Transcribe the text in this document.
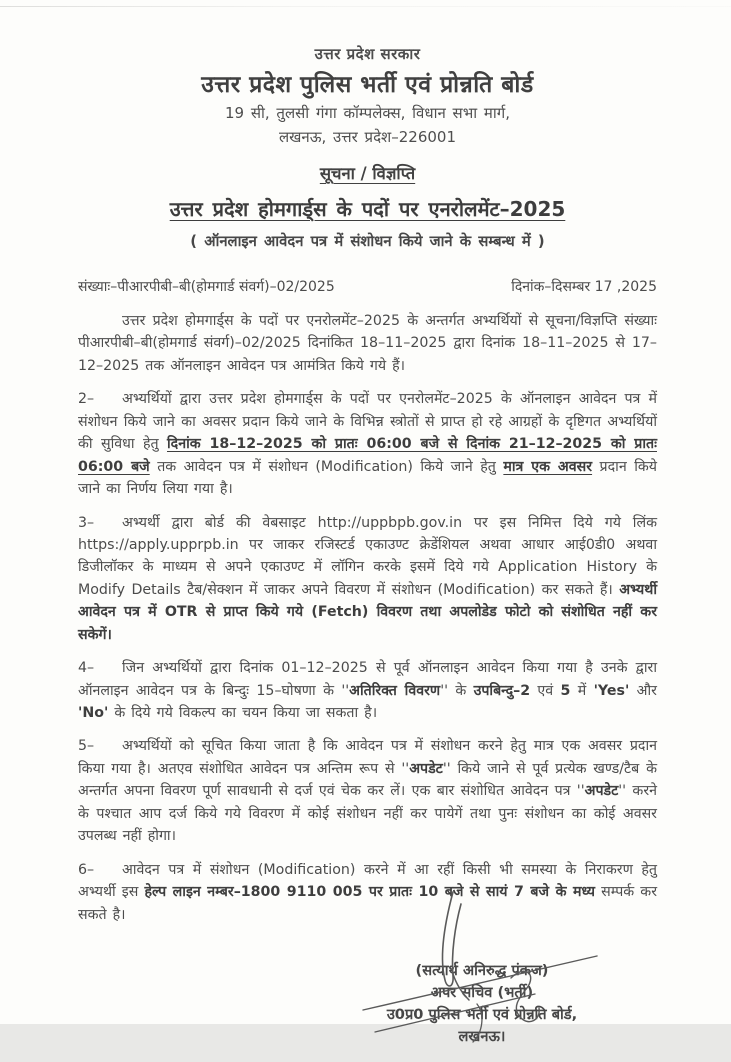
उत्तर प्रदेश सरकार
उत्तर प्रदेश पुलिस भर्ती एवं प्रोन्नति बोर्ड
19 सी, तुलसी गंगा कॉम्पलेक्स, विधान सभा मार्ग,
लखनऊ, उत्तर प्रदेश–226001
सूचना / विज्ञप्ति
उत्तर प्रदेश होमगार्ड्स के पदों पर एनरोलमेंट–2025
( ऑनलाइन आवेदन पत्र में संशोधन किये जाने के सम्बन्ध में )
संख्याः–पीआरपीबी–बी(होमगार्ड संवर्ग)–02/2025	दिनांक–दिसम्बर 17 ,2025
उत्तर प्रदेश होमगार्ड्स के पदों पर एनरोलमेंट–2025 के अन्तर्गत अभ्यर्थियों से सूचना/विज्ञप्ति संख्याः पीआरपीबी–बी(होमगार्ड संवर्ग)–02/2025 दिनांकित 18–11–2025 द्वारा दिनांक 18–11–2025 से 17–12–2025 तक ऑनलाइन आवेदन पत्र आमंत्रित किये गये हैं।
2– अभ्यर्थियों द्वारा उत्तर प्रदेश होमगार्ड्स के पदों पर एनरोलमेंट–2025 के ऑनलाइन आवेदन पत्र में संशोधन किये जाने का अवसर प्रदान किये जाने के विभिन्न स्त्रोतों से प्राप्त हो रहे आग्रहों के दृष्टिगत अभ्यर्थियों की सुविधा हेतु दिनांक 18–12–2025 को प्रातः 06:00 बजे से दिनांक 21–12–2025 को प्रातः 06:00 बजे तक आवेदन पत्र में संशोधन (Modification) किये जाने हेतु मात्र एक अवसर प्रदान किये जाने का निर्णय लिया गया है।
3– अभ्यर्थी द्वारा बोर्ड की वेबसाइट http://uppbpb.gov.in पर इस निमित्त दिये गये लिंक https://apply.upprpb.in पर जाकर रजिस्टर्ड एकाउण्ट क्रेडेंशियल अथवा आधार आई0डी0 अथवा डिजीलॉकर के माध्यम से अपने एकाउण्ट में लॉगिन करके इसमें दिये गये Application History के Modify Details टैब/सेक्शन में जाकर अपने विवरण में संशोधन (Modification) कर सकते हैं। अभ्यर्थी आवेदन पत्र में OTR से प्राप्त किये गये (Fetch) विवरण तथा अपलोडेड फोटो को संशोधित नहीं कर सकेगें।
4– जिन अभ्यर्थियों द्वारा दिनांक 01–12–2025 से पूर्व ऑनलाइन आवेदन किया गया है उनके द्वारा ऑनलाइन आवेदन पत्र के बिन्दुः 15–घोषणा के ''अतिरिक्त विवरण'' के उपबिन्दु–2 एवं 5 में 'Yes' और 'No' के दिये गये विकल्प का चयन किया जा सकता है।
5– अभ्यर्थियों को सूचित किया जाता है कि आवेदन पत्र में संशोधन करने हेतु मात्र एक अवसर प्रदान किया गया है। अतएव संशोधित आवेदन पत्र अन्तिम रूप से ''अपडेट'' किये जाने से पूर्व प्रत्येक खण्ड/टैब के अन्तर्गत अपना विवरण पूर्ण सावधानी से दर्ज एवं चेक कर लें। एक बार संशोधित आवेदन पत्र ''अपडेट'' करने के पश्चात आप दर्ज किये गये विवरण में कोई संशोधन नहीं कर पायेगें तथा पुनः संशोधन का कोई अवसर उपलब्ध नहीं होगा।
6– आवेदन पत्र में संशोधन (Modification) करने में आ रहीं किसी भी समस्या के निराकरण हेतु अभ्यर्थी इस हेल्प लाइन नम्बर–1800 9110 005 पर प्रातः 10 बजे से सायं 7 बजे के मध्य सम्पर्क कर सकते है।
(सत्यार्थ अनिरुद्ध पंकज)
अपर सचिव (भर्ती)
उ0प्र0 पुलिस भर्ती एवं प्रोन्नति बोर्ड,
लखनऊ।
